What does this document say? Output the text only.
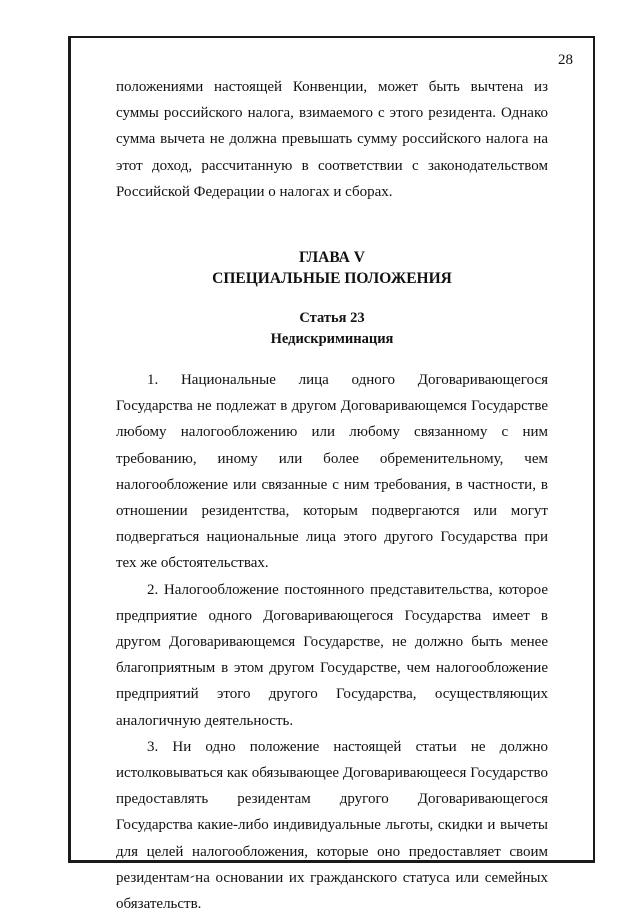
28

положениями настоящей Конвенции, может быть вычтена из суммы российского налога, взимаемого с этого резидента. Однако сумма вычета не должна превышать сумму российского налога на этот доход, рассчитанную в соответствии с законодательством Российской Федерации о налогах и сборах.

ГЛАВА V
СПЕЦИАЛЬНЫЕ ПОЛОЖЕНИЯ
Статья 23
Недискриминация

1. Национальные лица одного Договаривающегося Государства не подлежат в другом Договаривающемся Государстве любому налогообложению или любому связанному с ним требованию, иному или более обременительному, чем налогообложение или связанные с ним требования, в частности, в отношении резидентства, которым подвергаются или могут подвергаться национальные лица этого другого Государства при тех же обстоятельствах.

2. Налогообложение постоянного представительства, которое предприятие одного Договаривающегося Государства имеет в другом Договаривающемся Государстве, не должно быть менее благоприятным в этом другом Государстве, чем налогообложение предприятий этого другого Государства, осуществляющих аналогичную деятельность.

3. Ни одно положение настоящей статьи не должно истолковываться как обязывающее Договаривающееся Государство предоставлять резидентам другого Договаривающегося Государства какие-либо индивидуальные льготы, скидки и вычеты для целей налогообложения, которые оно предоставляет своим резидентам на основании их гражданского статуса или семейных обязательств.
